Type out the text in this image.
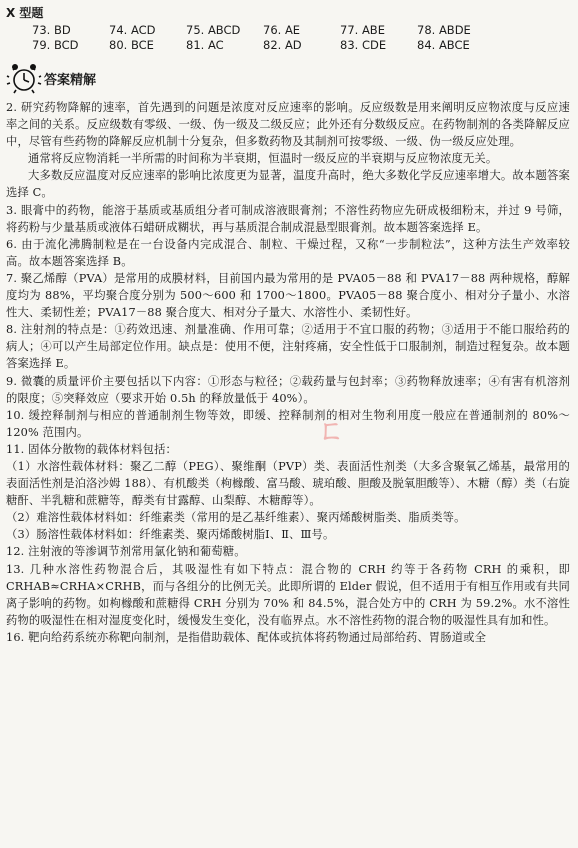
X 型题
73. BD	74. ACD	75. ABCD	76. AE	77. ABE	78. ABDE
79. BCD	80. BCE	81. AC	82. AD	83. CDE	84. ABCE
答案精解

2. 研究药物降解的速率，首先遇到的问题是浓度对反应速率的影响。反应级数是用来阐明反应物浓度与反应速率之间的关系。反应级数有零级、一级、伪一级及二级反应；此外还有分数级反应。在药物制剂的各类降解反应中，尽管有些药物的降解反应机制十分复杂，但多数药物及其制剂可按零级、一级、伪一级反应处理。

通常将反应物消耗一半所需的时间称为半衰期，恒温时一级反应的半衰期与反应物浓度无关。

大多数反应温度对反应速率的影响比浓度更为显著，温度升高时，绝大多数化学反应速率增大。故本题答案选择 C。

3. 眼膏中的药物，能溶于基质或基质组分者可制成溶液眼膏剂；不溶性药物应先研成极细粉末，并过 9 号筛，将药粉与少量基质或液体石蜡研成糊状，再与基质混合制成混悬型眼膏剂。故本题答案选择 E。

6. 由于流化沸腾制粒是在一台设备内完成混合、制粒、干燥过程，又称“一步制粒法”，这种方法生产效率较高。故本题答案选择 B。

7. 聚乙烯醇（PVA）是常用的成膜材料，目前国内最为常用的是 PVA05－88 和 PVA17－88 两种规格，醇解度均为 88%，平均聚合度分别为 500～600 和 1700～1800。PVA05－88 聚合度小、相对分子量小、水溶性大、柔韧性差；PVA17－88 聚合度大、相对分子量大、水溶性小、柔韧性好。

8. 注射剂的特点是：①药效迅速、剂量准确、作用可靠；②适用于不宜口服的药物；③适用于不能口服给药的病人；④可以产生局部定位作用。缺点是：使用不便，注射疼痛，安全性低于口服制剂，制造过程复杂。故本题答案选择 E。

9. 微囊的质量评价主要包括以下内容：①形态与粒径；②载药量与包封率；③药物释放速率；④有害有机溶剂的限度；⑤突释效应（要求开始 0.5h 的释放量低于 40%）。

10. 缓控释制剂与相应的普通制剂生物等效，即缓、控释制剂的相对生物利用度一般应在普通制剂的 80%～120% 范围内。

11. 固体分散物的载体材料包括：

（1）水溶性载体材料：聚乙二醇（PEG）、聚维酮（PVP）类、表面活性剂类（大多含聚氧乙烯基，最常用的表面活性剂是泊洛沙姆 188）、有机酸类（枸橼酸、富马酸、琥珀酸、胆酸及脱氧胆酸等）、木糖（醇）类（右旋糖酐、半乳糖和蔗糖等，醇类有甘露醇、山梨醇、木糖醇等）。

（2）难溶性载体材料如：纤维素类（常用的是乙基纤维素）、聚丙烯酸树脂类、脂质类等。

（3）肠溶性载体材料如：纤维素类、聚丙烯酸树脂Ⅰ、Ⅱ、Ⅲ号。

12. 注射液的等渗调节剂常用氯化钠和葡萄糖。

13. 几种水溶性药物混合后，其吸湿性有如下特点：混合物的 CRH 约等于各药物 CRH 的乘积，即 CRHAB≈CRHA×CRHB，而与各组分的比例无关。此即所谓的 Elder 假说，但不适用于有相互作用或有共同离子影响的药物。如枸橼酸和蔗糖得 CRH 分别为 70% 和 84.5%，混合处方中的 CRH 为 59.2%。水不溶性药物的吸湿性在相对湿度变化时，缓慢发生变化，没有临界点。水不溶性药物的混合物的吸湿性具有加和性。

16. 靶向给药系统亦称靶向制剂，是指借助载体、配体或抗体将药物通过局部给药、胃肠道或全

ㄈ
